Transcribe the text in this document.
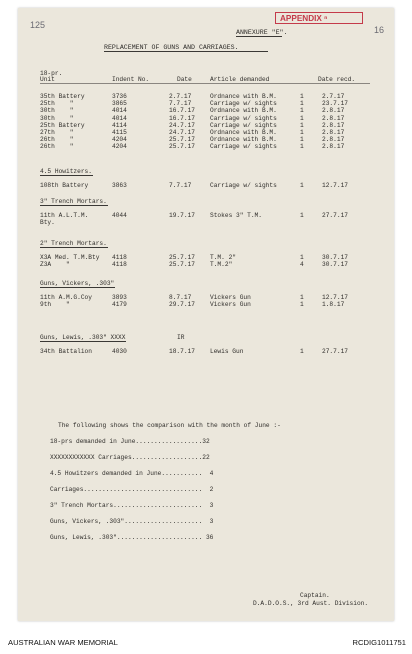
125
APPENDIX ⁿ
ANNEXURE "E".	16
REPLACEMENT OF GUNS AND CARRIAGES.
18-pr.
Unit	Indent No.	Date	Article demanded	Date recd.
35th Battery	3736	2.7.17	Ordnance with B.M.	1	2.7.17
25th    "	3865	7.7.17	Carriage w/ sights	1	23.7.17
30th    "	4014	16.7.17 Ordnance with B.M.	1	2.8.17
30th    "	4014	16.7.17 Carriage w/ sights	1	2.8.17
25th Battery	4114	24.7.17 Carriage w/ sights	1	2.8.17
27th    "	4115	24.7.17 Ordnance with B.M.	1	2.8.17
26th    "	4204	25.7.17 Ordnance with B.M.	1	2.8.17
26th    "	4204	25.7.17 Carriage w/ sights	1	2.8.17
4.5 Howitzers.
108th Battery	3863	7.7.17	Carriage w/ sights	1	12.7.17
3" Trench Mortars.
11th A.L.T.M.	4044	19.7.17 Stokes 3" T.M.	1	27.7.17
Bty.
2" Trench Mortars.
X3A Med. T.M.Bty 4118	25.7.17 T.M. 2"	1	30.7.17
Z3A    "	4118	25.7.17 T.M.2"	4	30.7.17
Guns, Vickers, .303"
11th A.M.G.Coy	3893	8.7.17	Vickers Gun	1	12.7.17
9th    "	4179	29.7.17 Vickers Gun	1	1.8.17
Guns, Lewis, .303" XXXX	IR
34th Battalion	4030	18.7.17 Lewis Gun	1	27.7.17
The following shows the comparison with the month of June :-
18-prs demanded in June..................32
XXXXXXXXXXXX Carriages...................22
4.5 Howitzers demanded in June...........  4
Carriages................................  2
3" Trench Mortars........................  3
Guns, Vickers, .303".....................  3
Guns, Lewis, .303"....................... 36
Captain.
D.A.D.O.S., 3rd Aust. Division.
AUSTRALIAN WAR MEMORIAL	RCDIG1011751
